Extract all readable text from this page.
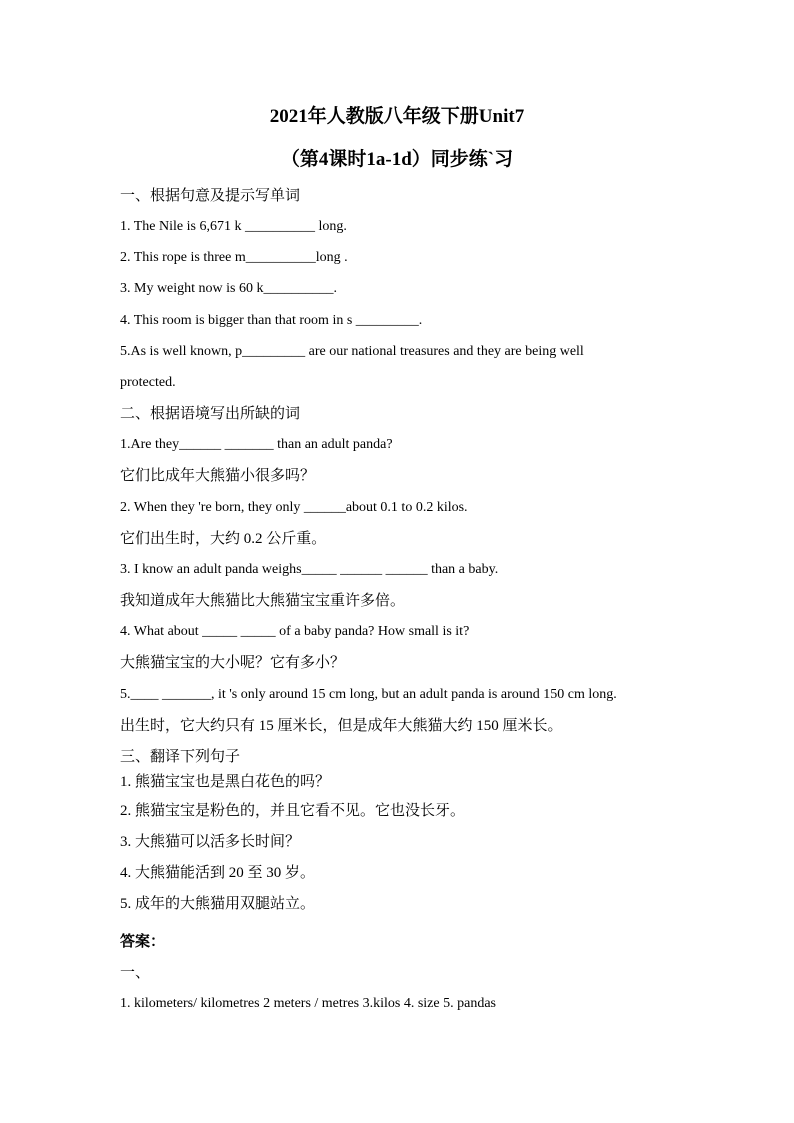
2021年人教版八年级下册Unit7
（第4课时1a-1d）同步练`习
一、根据句意及提示写单词
1. The Nile is 6,671 k __________ long.
2. This rope is three m__________long .
3. My weight now is 60 k__________.
4. This room is bigger than that room in s _________.
5.As is well known, p_________ are our national treasures and they are being well
protected.
二、根据语境写出所缺的词
1.Are they______ _______ than an adult panda?
它们比成年大熊猫小很多吗？
2. When they 're born, they only ______about 0.1 to 0.2 kilos.
它们出生时，大约 0.2 公斤重。
3. I know an adult panda weighs_____ ______ ______ than a baby.
我知道成年大熊猫比大熊猫宝宝重许多倍。
4. What about _____ _____ of a baby panda? How small is it?
大熊猫宝宝的大小呢？它有多小？
5.____ _______, it 's only around 15 cm long, but an adult panda is around 150 cm long.
出生时，它大约只有 15 厘米长，但是成年大熊猫大约 150 厘米长。
三、翻译下列句子
1. 熊猫宝宝也是黑白花色的吗？
2. 熊猫宝宝是粉色的，并且它看不见。它也没长牙。
3. 大熊猫可以活多长时间？
4. 大熊猫能活到 20 至 30 岁。
5. 成年的大熊猫用双腿站立。
答案：
一、
1. kilometers/ kilometres 2 meters / metres 3.kilos 4. size 5. pandas
